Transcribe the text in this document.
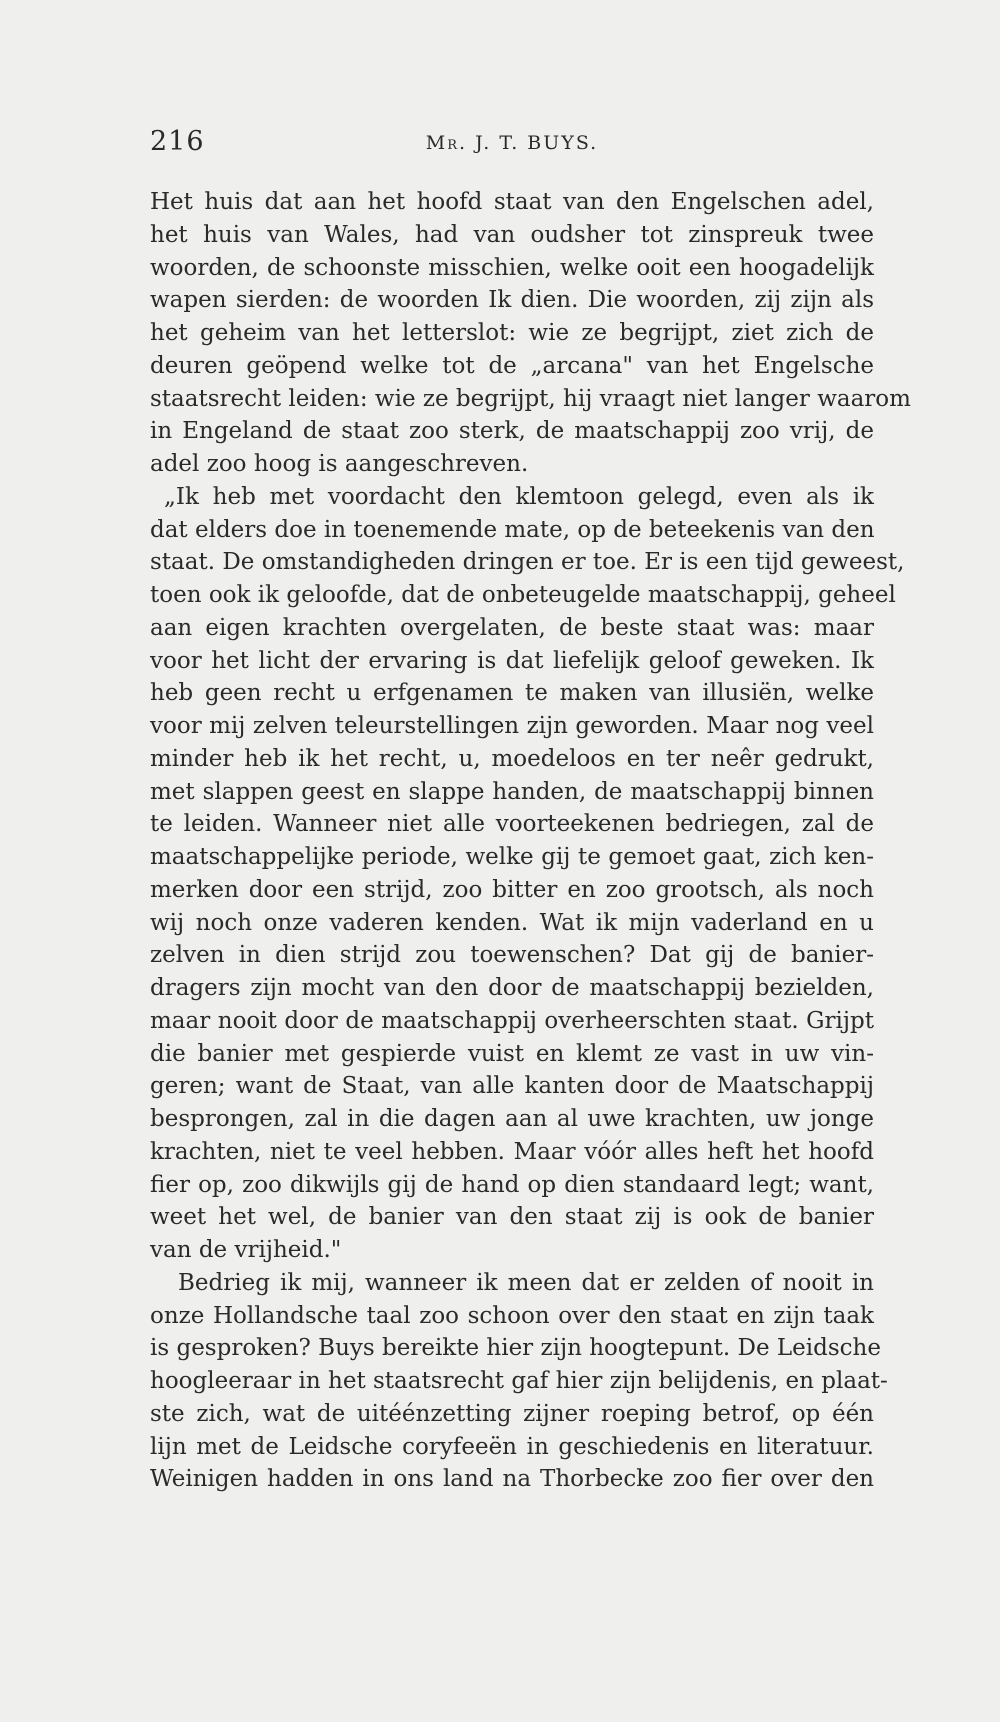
216	Mr. J. T. BUYS.
Het huis dat aan het hoofd staat van den Engelschen adel,
het huis van Wales, had van oudsher tot zinspreuk twee
woorden, de schoonste misschien, welke ooit een hoogadelijk
wapen sierden: de woorden Ik dien. Die woorden, zij zijn als
het geheim van het letterslot: wie ze begrijpt, ziet zich de
deuren geöpend welke tot de „arcana" van het Engelsche
staatsrecht leiden: wie ze begrijpt, hij vraagt niet langer waarom
in Engeland de staat zoo sterk, de maatschappij zoo vrij, de
adel zoo hoog is aangeschreven.
„Ik heb met voordacht den klemtoon gelegd, even als ik
dat elders doe in toenemende mate, op de beteekenis van den
staat. De omstandigheden dringen er toe. Er is een tijd geweest,
toen ook ik geloofde, dat de onbeteugelde maatschappij, geheel
aan eigen krachten overgelaten, de beste staat was: maar
voor het licht der ervaring is dat liefelijk geloof geweken. Ik
heb geen recht u erfgenamen te maken van illusiën, welke
voor mij zelven teleurstellingen zijn geworden. Maar nog veel
minder heb ik het recht, u, moedeloos en ter neêr gedrukt,
met slappen geest en slappe handen, de maatschappij binnen
te leiden. Wanneer niet alle voorteekenen bedriegen, zal de
maatschappelijke periode, welke gij te gemoet gaat, zich ken-
merken door een strijd, zoo bitter en zoo grootsch, als noch
wij noch onze vaderen kenden. Wat ik mijn vaderland en u
zelven in dien strijd zou toewenschen? Dat gij de banier-
dragers zijn mocht van den door de maatschappij bezielden,
maar nooit door de maatschappij overheerschten staat. Grijpt
die banier met gespierde vuist en klemt ze vast in uw vin-
geren; want de Staat, van alle kanten door de Maatschappij
besprongen, zal in die dagen aan al uwe krachten, uw jonge
krachten, niet te veel hebben. Maar vóór alles heft het hoofd
fier op, zoo dikwijls gij de hand op dien standaard legt; want,
weet het wel, de banier van den staat zij is ook de banier
van de vrijheid."
Bedrieg ik mij, wanneer ik meen dat er zelden of nooit in
onze Hollandsche taal zoo schoon over den staat en zijn taak
is gesproken? Buys bereikte hier zijn hoogtepunt. De Leidsche
hoogleeraar in het staatsrecht gaf hier zijn belijdenis, en plaat-
ste zich, wat de uitéénzetting zijner roeping betrof, op één
lijn met de Leidsche coryfeeën in geschiedenis en literatuur.
Weinigen hadden in ons land na Thorbecke zoo fier over den
